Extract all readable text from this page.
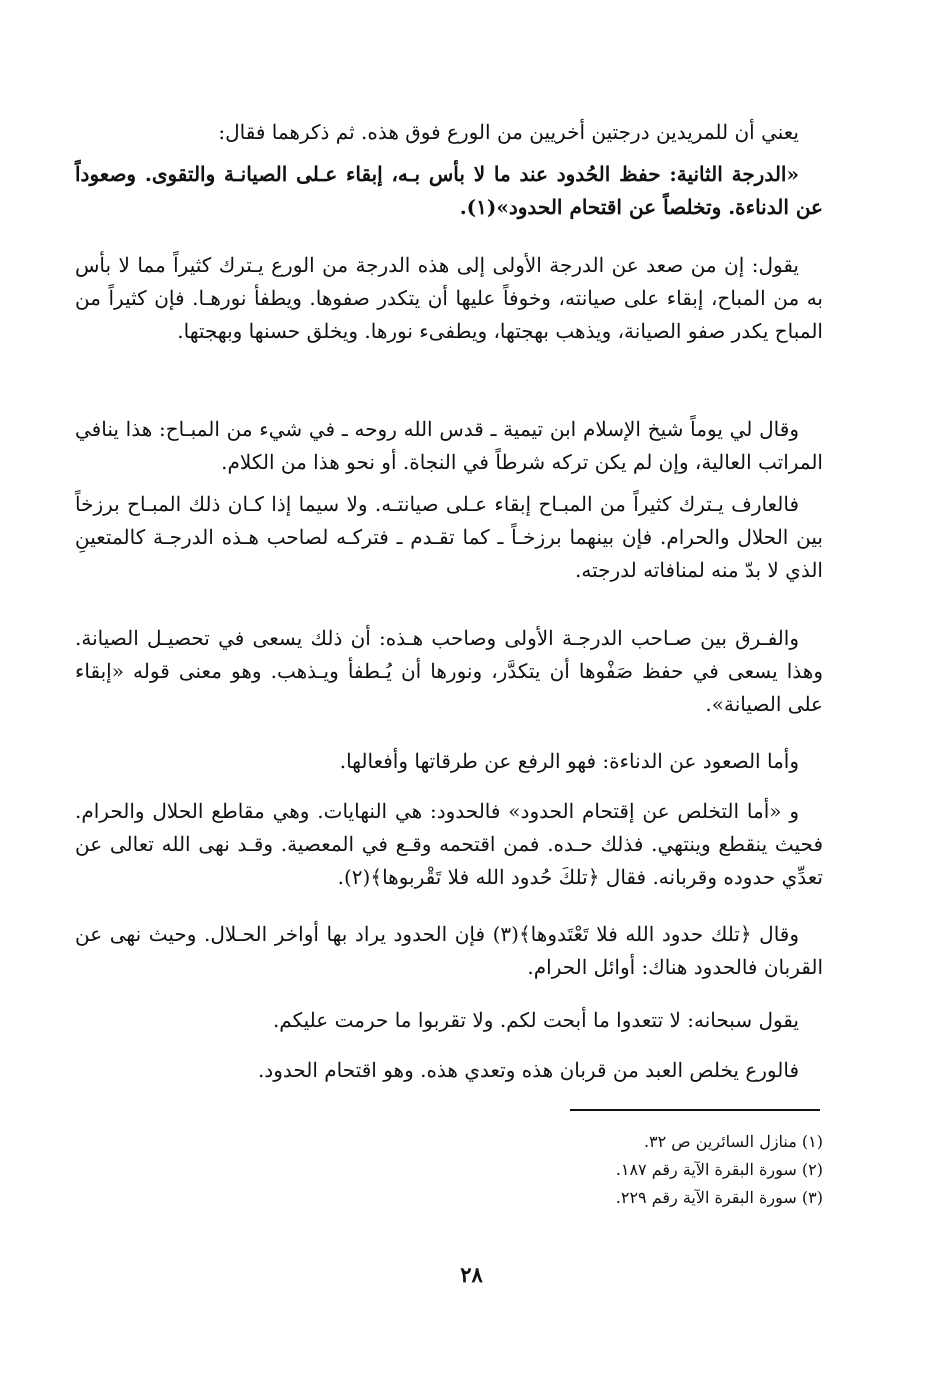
يعني أن للمريدين درجتين أخريين من الورع فوق هذه. ثم ذكرهما فقال:

«الدرجة الثانية: حفظ الحُدود عند ما لا بأس بـه، إبقاء عـلى الصيانـة والتقوى. وصعوداً عن الدناءة. وتخلصاً عن اقتحام الحدود»(١).

يقول: إن من صعد عن الدرجة الأولى إلى هذه الدرجة من الورع يـترك كثيراً مما لا بأس به من المباح، إبقاء على صيانته، وخوفاً عليها أن يتكدر صفوها. ويطفأ نورهـا. فإن كثيراً من المباح يكدر صفو الصيانة، ويذهب بهجتها، ويطفىء نورها. ويخلق حسنها وبهجتها.

وقال لي يوماً شيخ الإسلام ابن تيمية ـ قدس الله روحه ـ في شيء من المبـاح: هذا ينافي المراتب العالية، وإن لم يكن تركه شرطاً في النجاة. أو نحو هذا من الكلام.

فالعارف يـترك كثيراً من المبـاح إبقاء عـلى صيانتـه. ولا سيما إذا كـان ذلك المبـاح برزخاً بين الحلال والحرام. فإن بينهما برزخـاً ـ كما تقـدم ـ فتركـه لصاحب هـذه الدرجـة كالمتعينِ الذي لا بدّ منه لمنافاته لدرجته.

والفـرق بين صـاحب الدرجـة الأولى وصاحب هـذه: أن ذلك يسعى في تحصيـل الصيانة. وهذا يسعى في حفظ صَفْوها أن يتكدَّر، ونورها أن يُـطفأ ويـذهب. وهو معنى قوله «إبقاء على الصيانة».

وأما الصعود عن الدناءة: فهو الرفع عن طرقاتها وأفعالها.

و «أما التخلص عن إقتحام الحدود» فالحدود: هي النهايات. وهي مقاطع الحلال والحرام. فحيث ينقطع وينتهي. فذلك حـده. فمن اقتحمه وقـع في المعصية. وقـد نهى الله تعالى عن تعدِّي حدوده وقربانه. فقال ﴿تلكَ حُدود الله فلا تَقْربوها﴾(٢).

وقال ﴿تلك حدود الله فلا تَعْتَدوها﴾(٣) فإن الحدود يراد بها أواخر الحـلال. وحيث نهى عن القربان فالحدود هناك: أوائل الحرام.

يقول سبحانه: لا تتعدوا ما أبحت لكم. ولا تقربوا ما حرمت عليكم.

فالورع يخلص العبد من قربان هذه وتعدي هذه. وهو اقتحام الحدود.

(١) منازل السائرين ص ٣٢.
(٢) سورة البقرة الآية رقم ١٨٧.
(٣) سورة البقرة الآية رقم ٢٢٩.
٢٨
